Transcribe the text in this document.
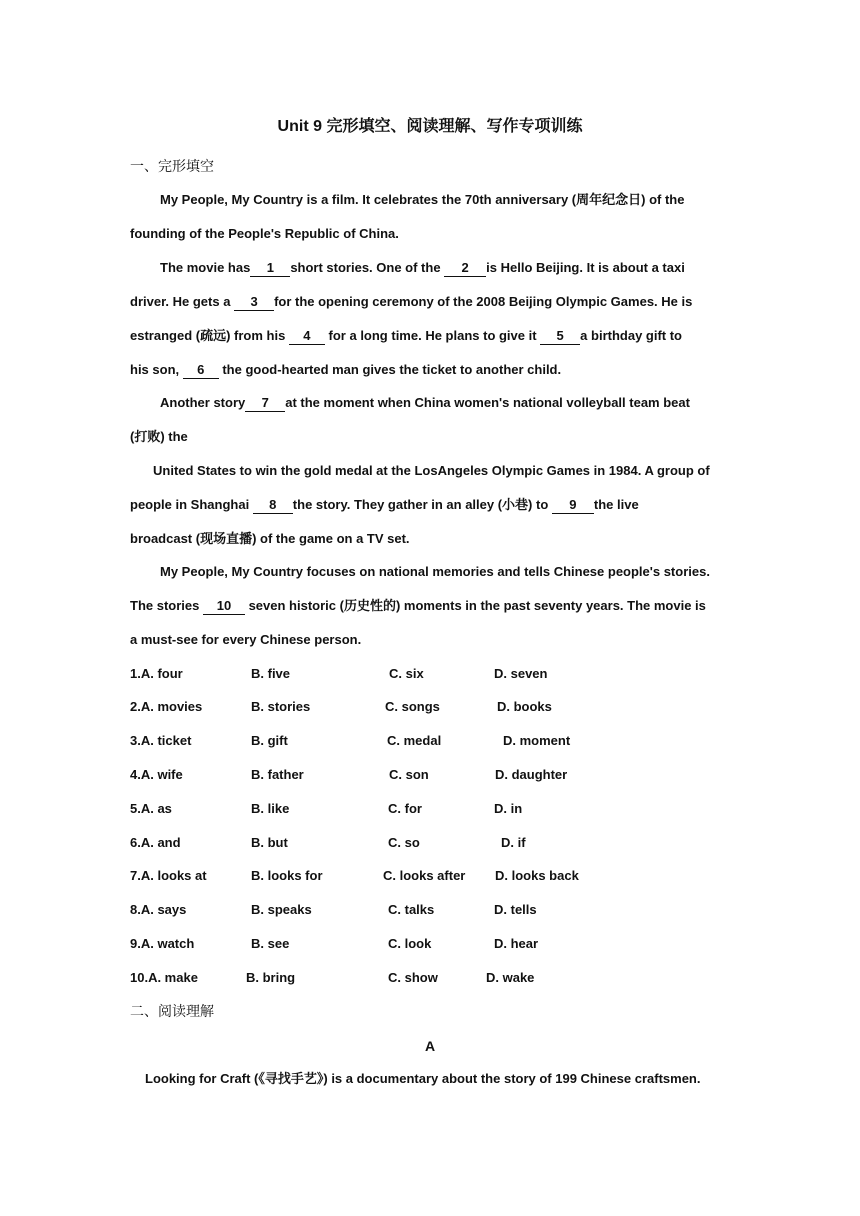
Unit 9 完形填空、阅读理解、写作专项训练
一、完形填空
My People, My Country is a film. It celebrates the 70th anniversary (周年纪念日) of the
founding of the People's Republic of China.
The movie has 1 short stories. One of the 2 is Hello Beijing. It is about a taxi
driver. He gets a 3 for the opening ceremony of the 2008 Beijing Olympic Games. He is
estranged (疏远) from his 4 for a long time. He plans to give it 5 a birthday gift to
his son, 6 the good-hearted man gives the ticket to another child.
Another story 7 at the moment when China women's national volleyball team beat
(打败) the
United States to win the gold medal at the LosAngeles Olympic Games in 1984. A group of
people in Shanghai 8 the story. They gather in an alley (小巷) to 9 the live
broadcast (现场直播) of the game on a TV set.
My People, My Country focuses on national memories and tells Chinese people's stories.
The stories 10 seven historic (历史性的) moments in the past seventy years. The movie is
a must-see for every Chinese person.
1.A. four	B. five	C. six	D. seven
2.A. movies	B. stories	C. songs	D. books
3.A. ticket	B. gift	C. medal	D. moment
4.A. wife	B. father	C. son	D. daughter
5.A. as	B. like	C. for	D. in
6.A. and	B. but	C. so	D. if
7.A. looks at	B. looks for	C. looks after D. looks back
8.A. says	B. speaks	C. talks	D. tells
9.A. watch	B. see	C. look	D. hear
10.A. make	B. bring	C. show	D. wake
二、阅读理解
A
Looking for Craft (《寻找手艺》) is a documentary about the story of 199 Chinese craftsmen.
